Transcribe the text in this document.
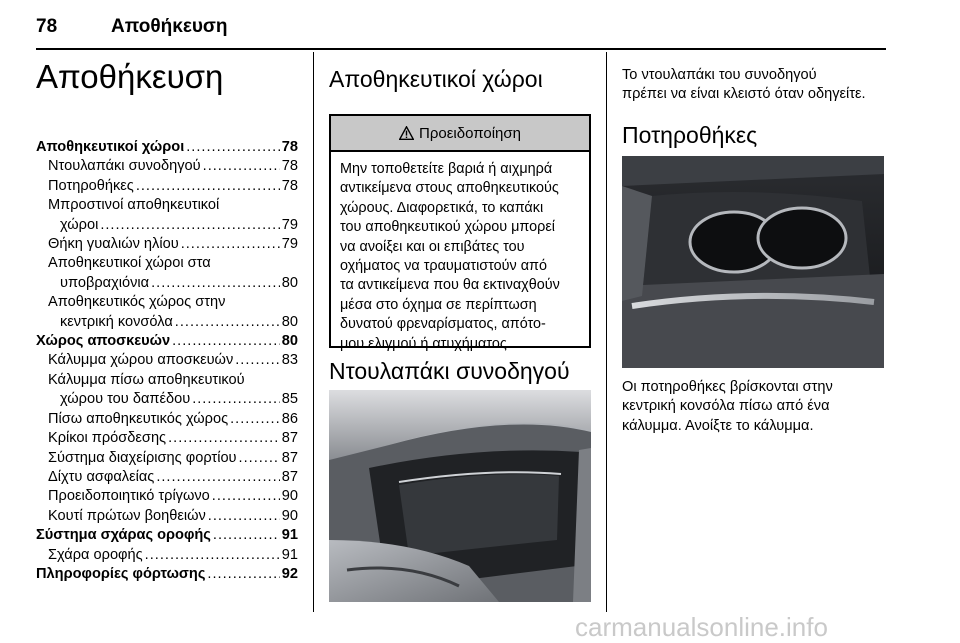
78	Αποθήκευση
Αποθήκευση
Αποθηκευτικοί χώροι .....	78
Ντουλαπάκι συνοδηγού .....	78
Ποτηροθήκες .....	78
Μπροστινοί αποθηκευτικοί
χώροι .....	79
Θήκη γυαλιών ηλίου .....	79
Αποθηκευτικοί χώροι στα
υποβραχιόνια .....	80
Αποθηκευτικός χώρος στην
κεντρική κονσόλα .....	80
Χώρος αποσκευών .....	80
Κάλυμμα χώρου αποσκευών .....	83
Κάλυμμα πίσω αποθηκευτικού
χώρου του δαπέδου .....	85
Πίσω αποθηκευτικός χώρος .....	86
Κρίκοι πρόσδεσης .....	87
Σύστημα διαχείρισης φορτίου .....	87
Δίχτυ ασφαλείας .....	87
Προειδοποιητικό τρίγωνο .....	90
Κουτί πρώτων βοηθειών .....	90
Σύστημα σχάρας οροφής .....	91
Σχάρα οροφής .....	91
Πληροφορίες φόρτωσης .....	92
Αποθηκευτικοί χώροι
Προειδοποίηση
Μην τοποθετείτε βαριά ή αιχμηρά
αντικείμενα στους αποθηκευτικούς
χώρους. Διαφορετικά, το καπάκι
του αποθηκευτικού χώρου μπορεί
να ανοίξει και οι επιβάτες του
οχήματος να τραυματιστούν από
τα αντικείμενα που θα εκτιναχθούν
μέσα στο όχημα σε περίπτωση
δυνατού φρεναρίσματος, απότο-
μου ελιγμού ή ατυχήματος.
Ντουλαπάκι συνοδηγού
Το ντουλαπάκι του συνοδηγού
πρέπει να είναι κλειστό όταν οδηγείτε.
Ποτηροθήκες
Οι ποτηροθήκες βρίσκονται στην
κεντρική κονσόλα πίσω από ένα
κάλυμμα. Ανοίξτε το κάλυμμα.
carmanualsonline.info
